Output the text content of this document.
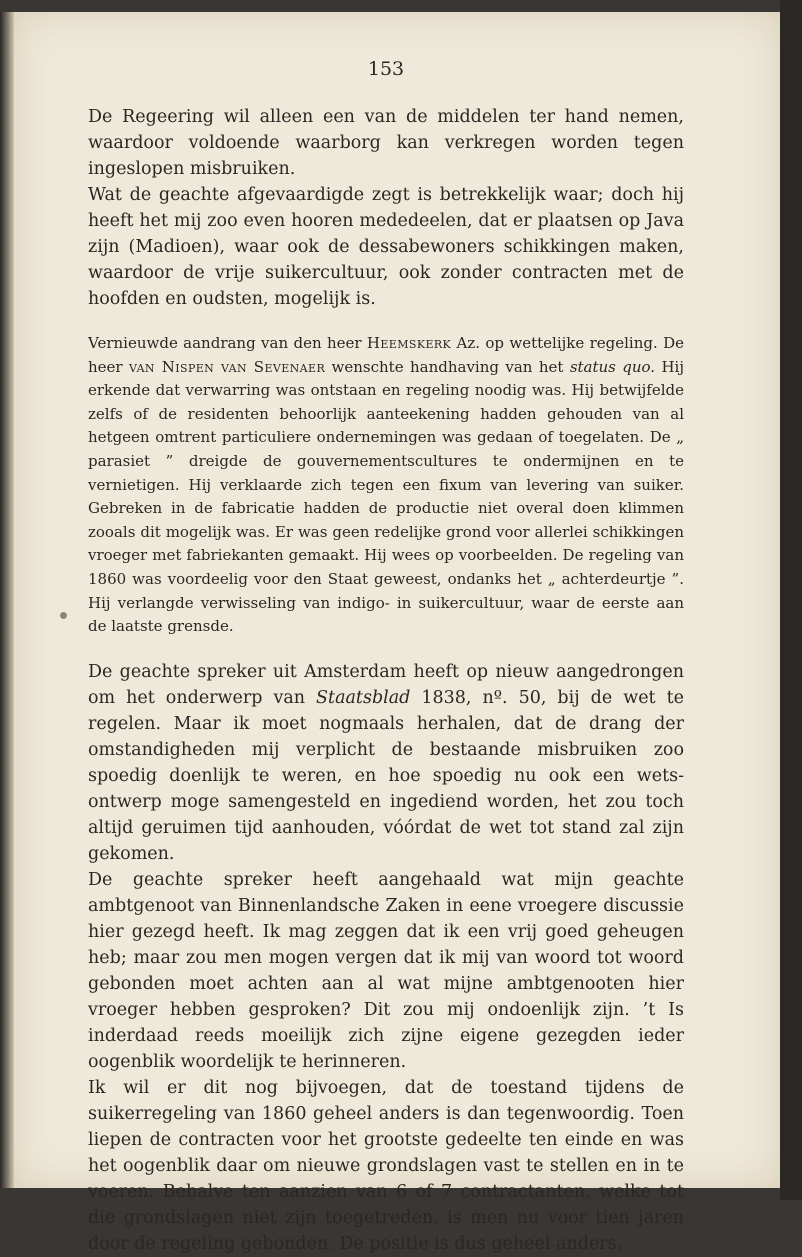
153

De Regeering wil alleen een van de middelen ter hand nemen, waardoor voldoende waarborg kan verkregen worden tegen ingeslopen misbruiken.

Wat de geachte afgevaardigde zegt is betrekkelijk waar; doch hij heeft het mij zoo even hooren mededeelen, dat er plaatsen op Java zijn (Madioen), waar ook de dessabewoners schikkingen maken, waardoor de vrije suikercultuur, ook zonder contracten met de hoofden en oudsten, mogelijk is.

Vernieuwde aandrang van den heer Heemskerk Az. op wettelijke regeling. De heer van Nispen van Sevenaer wenschte handhaving van het status quo. Hij erkende dat verwarring was ontstaan en regeling noodig was. Hij betwijfelde zelfs of de residenten behoorlijk aanteekening hadden gehouden van al hetgeen omtrent particuliere ondernemingen was gedaan of toegelaten. De „ parasiet ” dreigde de gouvernementscultures te ondermijnen en te vernietigen. Hij verklaarde zich tegen een fixum van levering van suiker. Gebreken in de fabricatie hadden de productie niet overal doen klimmen zooals dit mogelijk was. Er was geen redelijke grond voor allerlei schikkingen vroeger met fabriekanten gemaakt. Hij wees op voorbeelden. De regeling van 1860 was voordeelig voor den Staat geweest, ondanks het „ achterdeurtje ”. Hij verlangde verwisseling van indigo- in suikercultuur, waar de eerste aan de laatste grensde.

De geachte spreker uit Amsterdam heeft op nieuw aangedrongen om het onderwerp van Staatsblad 1838, nº. 50, bij de wet te regelen. Maar ik moet nogmaals herhalen, dat de drang der omstandigheden mij verplicht de bestaande misbruiken zoo spoedig doenlijk te weren, en hoe spoedig nu ook een wets-ontwerp moge samengesteld en ingediend worden, het zou toch altijd geruimen tijd aanhouden, vóórdat de wet tot stand zal zijn gekomen.

De geachte spreker heeft aangehaald wat mijn geachte ambtgenoot van Binnenlandsche Zaken in eene vroegere discussie hier gezegd heeft. Ik mag zeggen dat ik een vrij goed geheugen heb; maar zou men mogen vergen dat ik mij van woord tot woord gebonden moet achten aan al wat mijne ambtgenooten hier vroeger hebben gesproken? Dit zou mij ondoenlijk zijn. ’t Is inderdaad reeds moeilijk zich zijne eigene gezegden ieder oogenblik woordelijk te herinneren.

Ik wil er dit nog bijvoegen, dat de toestand tijdens de suikerregeling van 1860 geheel anders is dan tegenwoordig. Toen liepen de contracten voor het grootste gedeelte ten einde en was het oogenblik daar om nieuwe grondslagen vast te stellen en in te voeren. Behalve ten aanzien van 6 of 7 contractanten, welke tot die grondslagen niet zijn toegetreden, is men nu voor tien jaren door de regeling gebonden. De positie is dus geheel anders.
